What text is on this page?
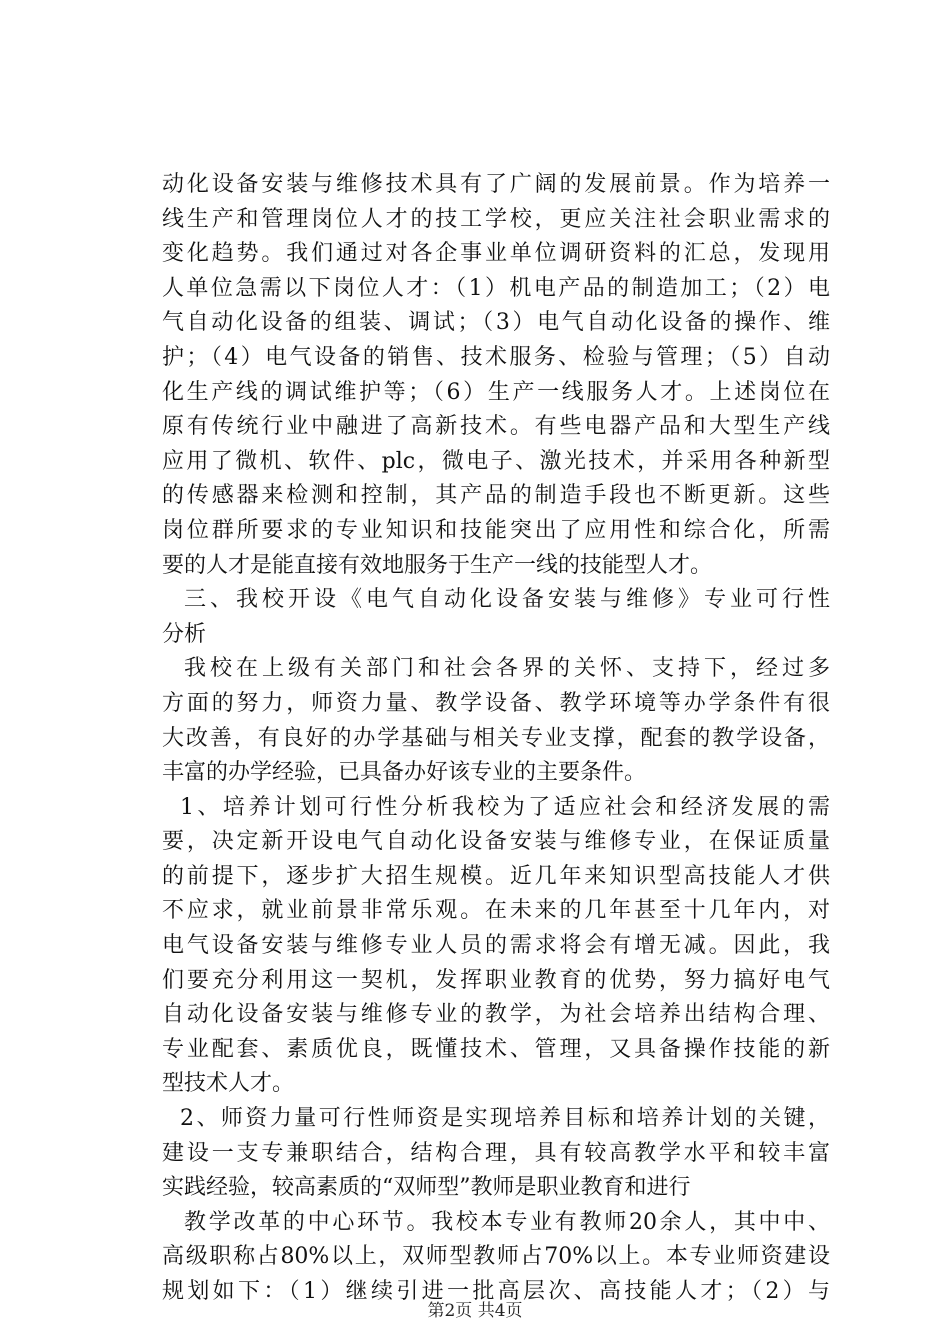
动化设备安装与维修技术具有了广阔的发展前景。作为培养一
线生产和管理岗位人才的技工学校，更应关注社会职业需求的
变化趋势。我们通过对各企事业单位调研资料的汇总，发现用
人单位急需以下岗位人才：（1）机电产品的制造加工；（2）电
气自动化设备的组装、调试；（3）电气自动化设备的操作、维
护；（4）电气设备的销售、技术服务、检验与管理；（5）自动
化生产线的调试维护等；（6）生产一线服务人才。上述岗位在
原有传统行业中融进了高新技术。有些电器产品和大型生产线
应用了微机、软件、plc，微电子、激光技术，并采用各种新型
的传感器来检测和控制，其产品的制造手段也不断更新。这些
岗位群所要求的专业知识和技能突出了应用性和综合化，所需
要的人才是能直接有效地服务于生产一线的技能型人才。
三、我校开设《电气自动化设备安装与维修》专业可行性
分析
我校在上级有关部门和社会各界的关怀、支持下，经过多
方面的努力，师资力量、教学设备、教学环境等办学条件有很
大改善，有良好的办学基础与相关专业支撑，配套的教学设备，
丰富的办学经验，已具备办好该专业的主要条件。
1、培养计划可行性分析我校为了适应社会和经济发展的需
要，决定新开设电气自动化设备安装与维修专业，在保证质量
的前提下，逐步扩大招生规模。近几年来知识型高技能人才供
不应求，就业前景非常乐观。在未来的几年甚至十几年内，对
电气设备安装与维修专业人员的需求将会有增无减。因此，我
们要充分利用这一契机，发挥职业教育的优势，努力搞好电气
自动化设备安装与维修专业的教学，为社会培养出结构合理、
专业配套、素质优良，既懂技术、管理，又具备操作技能的新
型技术人才。
2、师资力量可行性师资是实现培养目标和培养计划的关键，
建设一支专兼职结合，结构合理，具有较高教学水平和较丰富
实践经验，较高素质的“双师型”教师是职业教育和进行
教学改革的中心环节。我校本专业有教师20余人，其中中、
高级职称占80%以上，双师型教师占70%以上。本专业师资建设
规划如下：（1）继续引进一批高层次、高技能人才；（2）与
第2页 共4页
